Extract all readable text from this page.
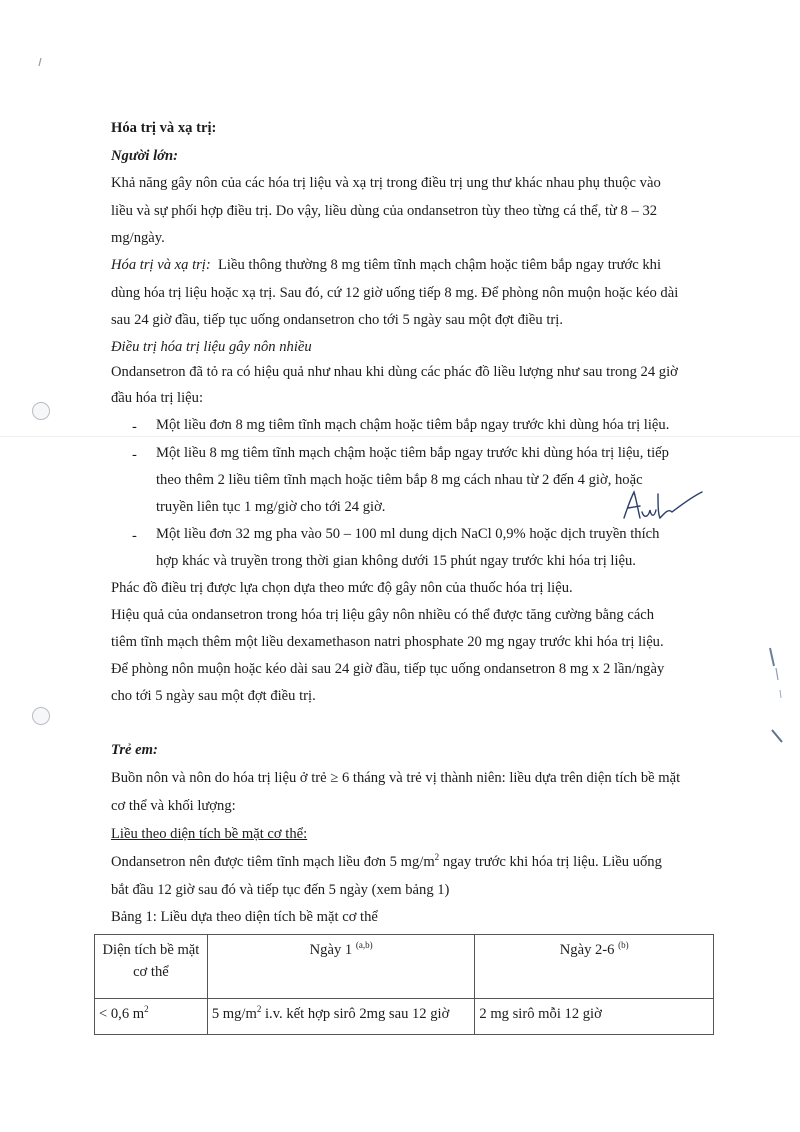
Hóa trị và xạ trị:
Người lớn:
Khả năng gây nôn của các hóa trị liệu và xạ trị trong điều trị ung thư khác nhau phụ thuộc vào
liều và sự phối hợp điều trị. Do vậy, liều dùng của ondansetron tùy theo từng cá thể, từ 8 – 32
mg/ngày.
Hóa trị và xạ trị: Liều thông thường 8 mg tiêm tĩnh mạch chậm hoặc tiêm bắp ngay trước khi
dùng hóa trị liệu hoặc xạ trị. Sau đó, cứ 12 giờ uống tiếp 8 mg. Để phòng nôn muộn hoặc kéo dài
sau 24 giờ đầu, tiếp tục uống ondansetron cho tới 5 ngày sau một đợt điều trị.
Điều trị hóa trị liệu gây nôn nhiều
Ondansetron đã tỏ ra có hiệu quả như nhau khi dùng các phác đồ liều lượng như sau trong 24 giờ
đầu hóa trị liệu:
- Một liều đơn 8 mg tiêm tĩnh mạch chậm hoặc tiêm bắp ngay trước khi dùng hóa trị liệu.
- Một liều 8 mg tiêm tĩnh mạch chậm hoặc tiêm bắp ngay trước khi dùng hóa trị liệu, tiếp
theo thêm 2 liều tiêm tĩnh mạch hoặc tiêm bắp 8 mg cách nhau từ 2 đến 4 giờ, hoặc
truyền liên tục 1 mg/giờ cho tới 24 giờ.
- Một liều đơn 32 mg pha vào 50 – 100 ml dung dịch NaCl 0,9% hoặc dịch truyền thích
hợp khác và truyền trong thời gian không dưới 15 phút ngay trước khi hóa trị liệu.
Phác đồ điều trị được lựa chọn dựa theo mức độ gây nôn của thuốc hóa trị liệu.
Hiệu quả của ondansetron trong hóa trị liệu gây nôn nhiều có thể được tăng cường bằng cách
tiêm tĩnh mạch thêm một liều dexamethason natri phosphate 20 mg ngay trước khi hóa trị liệu.
Để phòng nôn muộn hoặc kéo dài sau 24 giờ đầu, tiếp tục uống ondansetron 8 mg x 2 lần/ngày
cho tới 5 ngày sau một đợt điều trị.
Trẻ em:
Buồn nôn và nôn do hóa trị liệu ở trẻ ≥ 6 tháng và trẻ vị thành niên: liều dựa trên diện tích bề mặt
cơ thể và khối lượng:
Liều theo diện tích bề mặt cơ thể:
Ondansetron nên được tiêm tĩnh mạch liều đơn 5 $mg/m^2$ ngay trước khi hóa trị liệu. Liều uống
bắt đầu 12 giờ sau đó và tiếp tục đến 5 ngày (xem bảng 1)
Bảng 1: Liều dựa theo diện tích bề mặt cơ thể
Diện tích bề mặt cơ thể	Ngày 1 $^{(a,b)}$	Ngày 2-6 $^{(b)}$
< 0,6 $m^2$	5 $mg/m^2$ i.v. kết hợp sirô 2mg sau 12 giờ	2 mg sirô mỗi 12 giờ
